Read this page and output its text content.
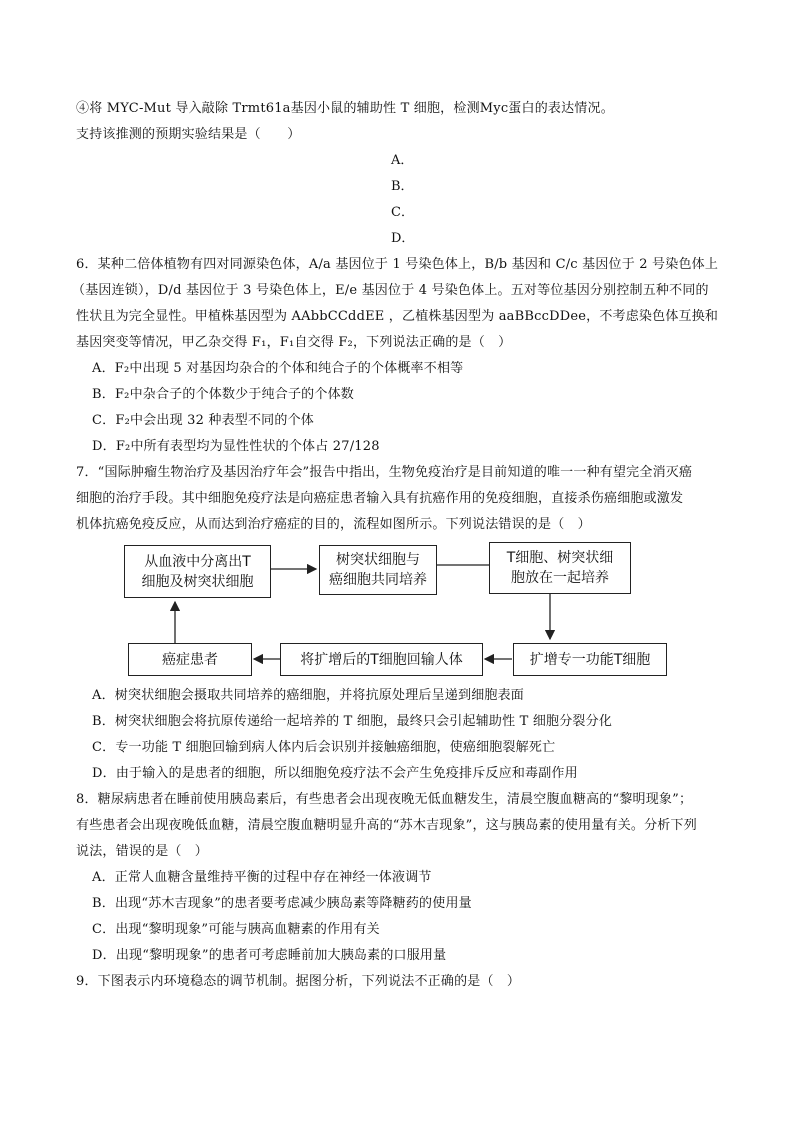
④将 MYC-Mut 导入敲除 Trmt61a基因小鼠的辅助性 T 细胞，检测Myc蛋白的表达情况。
支持该推测的预期实验结果是（　　）
A．
B．
C．
D．
6．某种二倍体植物有四对同源染色体，A/a 基因位于 1 号染色体上，B/b 基因和 C/c 基因位于 2 号染色体上
（基因连锁），D/d 基因位于 3 号染色体上，E/e 基因位于 4 号染色体上。五对等位基因分别控制五种不同的
性状且为完全显性。甲植株基因型为 AAbbCCddEE ，乙植株基因型为 aaBBccDDee，不考虑染色体互换和
基因突变等情况，甲乙杂交得 F₁，F₁自交得 F₂，下列说法正确的是（　）
A．F₂中出现 5 对基因均杂合的个体和纯合子的个体概率不相等
B．F₂中杂合子的个体数少于纯合子的个体数
C．F₂中会出现 32 种表型不同的个体
D．F₂中所有表型均为显性性状的个体占 27/128
7．“国际肿瘤生物治疗及基因治疗年会”报告中指出，生物免疫治疗是目前知道的唯一一种有望完全消灭癌
细胞的治疗手段。其中细胞免疫疗法是向癌症患者输入具有抗癌作用的免疫细胞，直接杀伤癌细胞或激发
机体抗癌免疫反应，从而达到治疗癌症的目的，流程如图所示。下列说法错误的是（　）
从血液中分离出T
细胞及树突状细胞
树突状细胞与
癌细胞共同培养
T细胞、树突状细
胞放在一起培养
扩增专一功能T细胞
将扩增后的T细胞回输人体
癌症患者
A．树突状细胞会摄取共同培养的癌细胞，并将抗原处理后呈递到细胞表面
B．树突状细胞会将抗原传递给一起培养的 T 细胞，最终只会引起辅助性 T 细胞分裂分化
C．专一功能 T 细胞回输到病人体内后会识别并接触癌细胞，使癌细胞裂解死亡
D．由于输入的是患者的细胞，所以细胞免疫疗法不会产生免疫排斥反应和毒副作用
8．糖尿病患者在睡前使用胰岛素后，有些患者会出现夜晚无低血糖发生，清晨空腹血糖高的“黎明现象”；
有些患者会出现夜晚低血糖，清晨空腹血糖明显升高的“苏木吉现象”，这与胰岛素的使用量有关。分析下列
说法，错误的是（　）
A．正常人血糖含量维持平衡的过程中存在神经一体液调节
B．出现“苏木吉现象”的患者要考虑减少胰岛素等降糖药的使用量
C．出现“黎明现象”可能与胰高血糖素的作用有关
D．出现“黎明现象”的患者可考虑睡前加大胰岛素的口服用量
9．下图表示内环境稳态的调节机制。据图分析，下列说法不正确的是（　）
